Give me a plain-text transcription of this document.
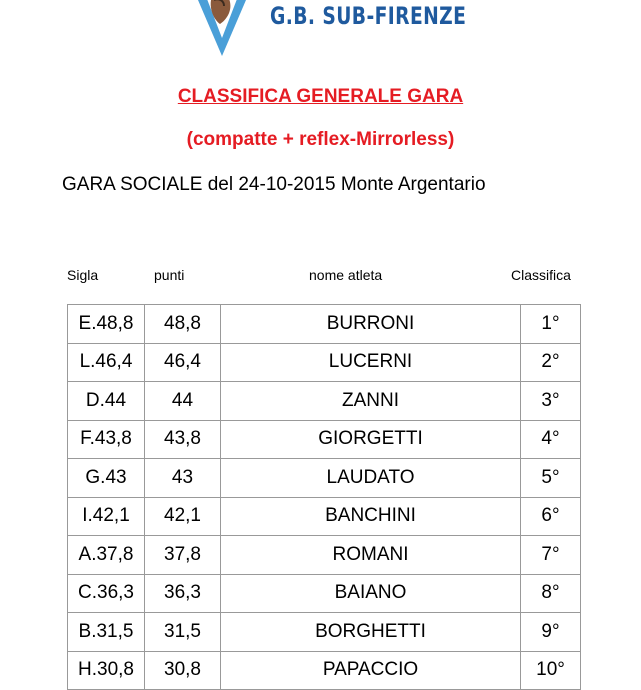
G.B. SUB-FIRENZE
CLASSIFICA GENERALE GARA
(compatte + reflex-Mirrorless)
GARA SOCIALE del 24-10-2015 Monte Argentario
Sigla	punti	nome atleta	Classifica
E.48,8	48,8	BURRONI	1°
L.46,4	46,4	LUCERNI	2°
D.44	44	ZANNI	3°
F.43,8	43,8	GIORGETTI	4°
G.43	43	LAUDATO	5°
I.42,1	42,1	BANCHINI	6°
A.37,8	37,8	ROMANI	7°
C.36,3	36,3	BAIANO	8°
B.31,5	31,5	BORGHETTI	9°
H.30,8	30,8	PAPACCIO	10°
